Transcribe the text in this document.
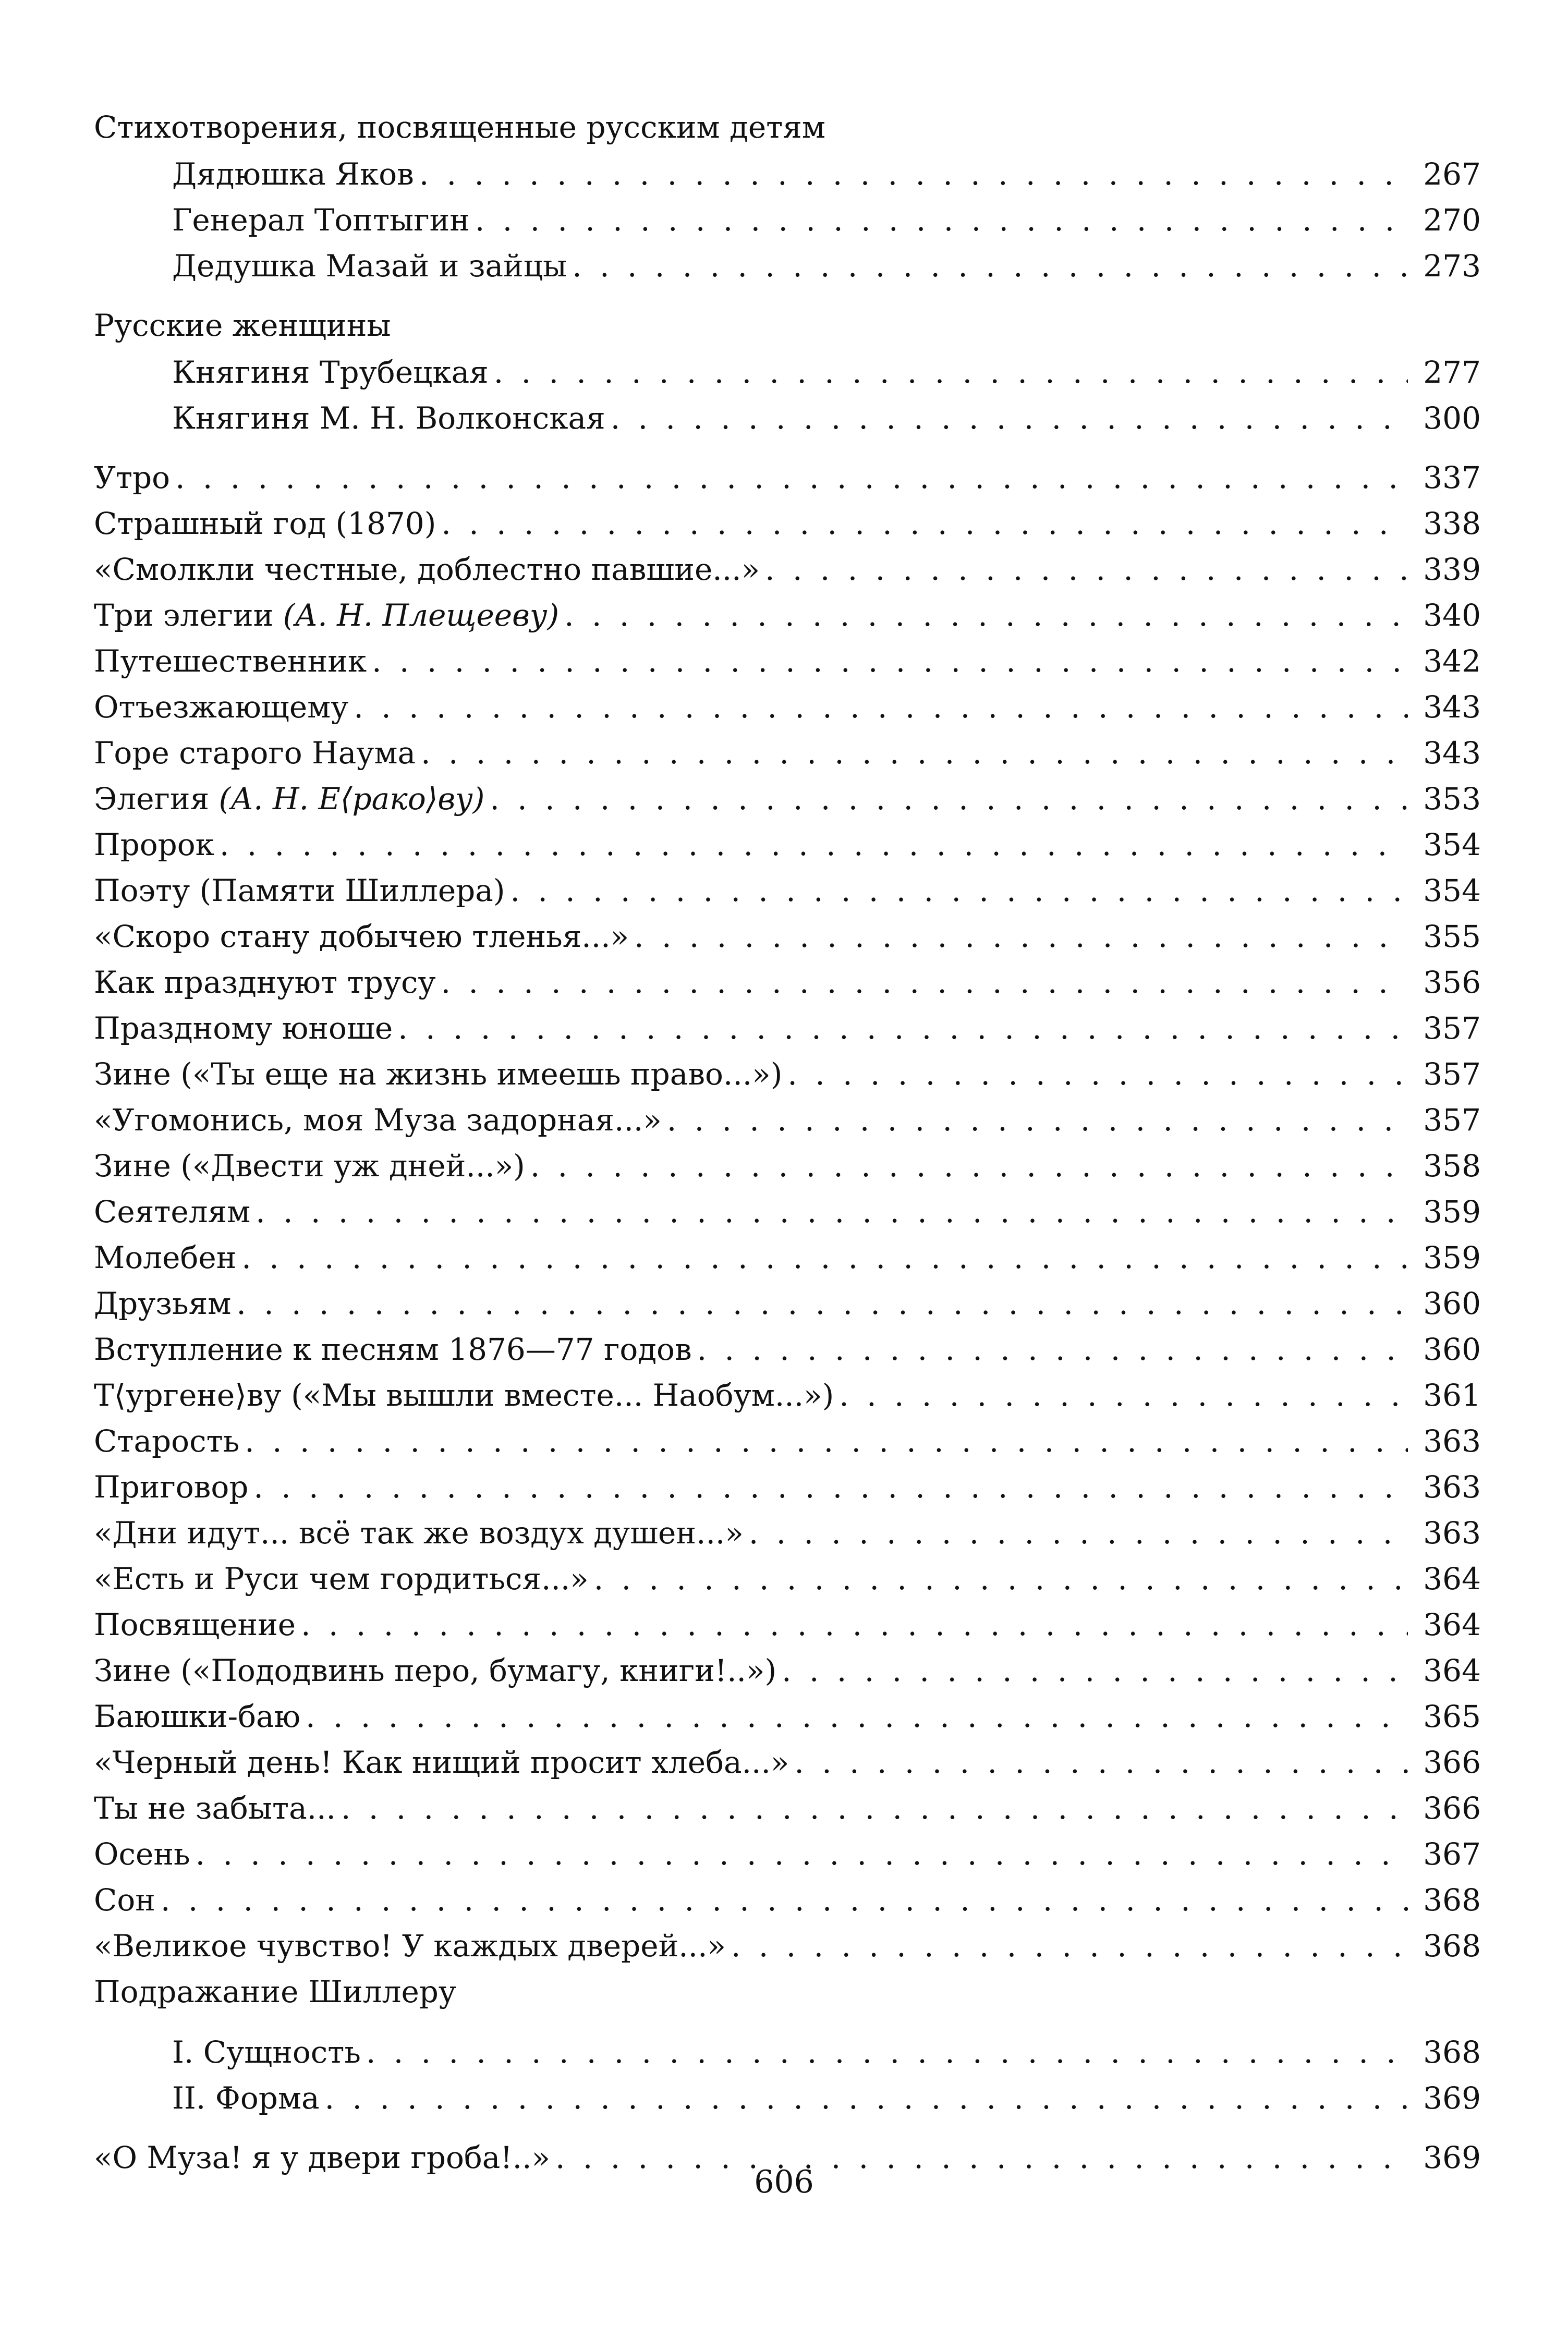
Стихотворения, посвященные русским детям
Дядюшка Яков . . .	267
Генерал Топтыгин . . .	270
Дедушка Мазай и зайцы . . .	273
Русские женщины
Княгиня Трубецкая . . .	277
Княгиня М. Н. Волконская . . .	300
Утро . . .	337
Страшный год (1870) . . .	338
«Смолкли честные, доблестно павшие...» . . .	339
Три элегии (А. Н. Плещееву) . . .	340
Путешественник . . .	342
Отъезжающему . . .	343
Горе старого Наума . . .	343
Элегия (А. Н. Е⟨рако⟩ву) . . .	353
Пророк . . .	354
Поэту (Памяти Шиллера) . . .	354
«Скоро стану добычею тленья...» . . .	355
Как празднуют трусу . . .	356
Праздному юноше . . .	357
Зине («Ты еще на жизнь имеешь право...») . . .	357
«Угомонись, моя Муза задорная...» . . .	357
Зине («Двести уж дней...») . . .	358
Сеятелям . . .	359
Молебен . . .	359
Друзьям . . .	360
Вступление к песням 1876—77 годов . . .	360
Т⟨ургене⟩ву («Мы вышли вместе... Наобум...») . . .	361
Старость . . .	363
Приговор . . .	363
«Дни идут... всё так же воздух душен...» . . .	363
«Есть и Руси чем гордиться...» . . .	364
Посвящение . . .	364
Зине («Пододвинь перо, бумагу, книги!..») . . .	364
Баюшки-баю . . .	365
«Черный день! Как нищий просит хлеба...» . . .	366
Ты не забыта... . . .	366
Осень . . .	367
Сон . . .	368
«Великое чувство! У каждых дверей...» . . .	368
Подражание Шиллеру
I. Сущность . . .	368
II. Форма . . .	369
«О Муза! я у двери гроба!..» . . .	369
606
